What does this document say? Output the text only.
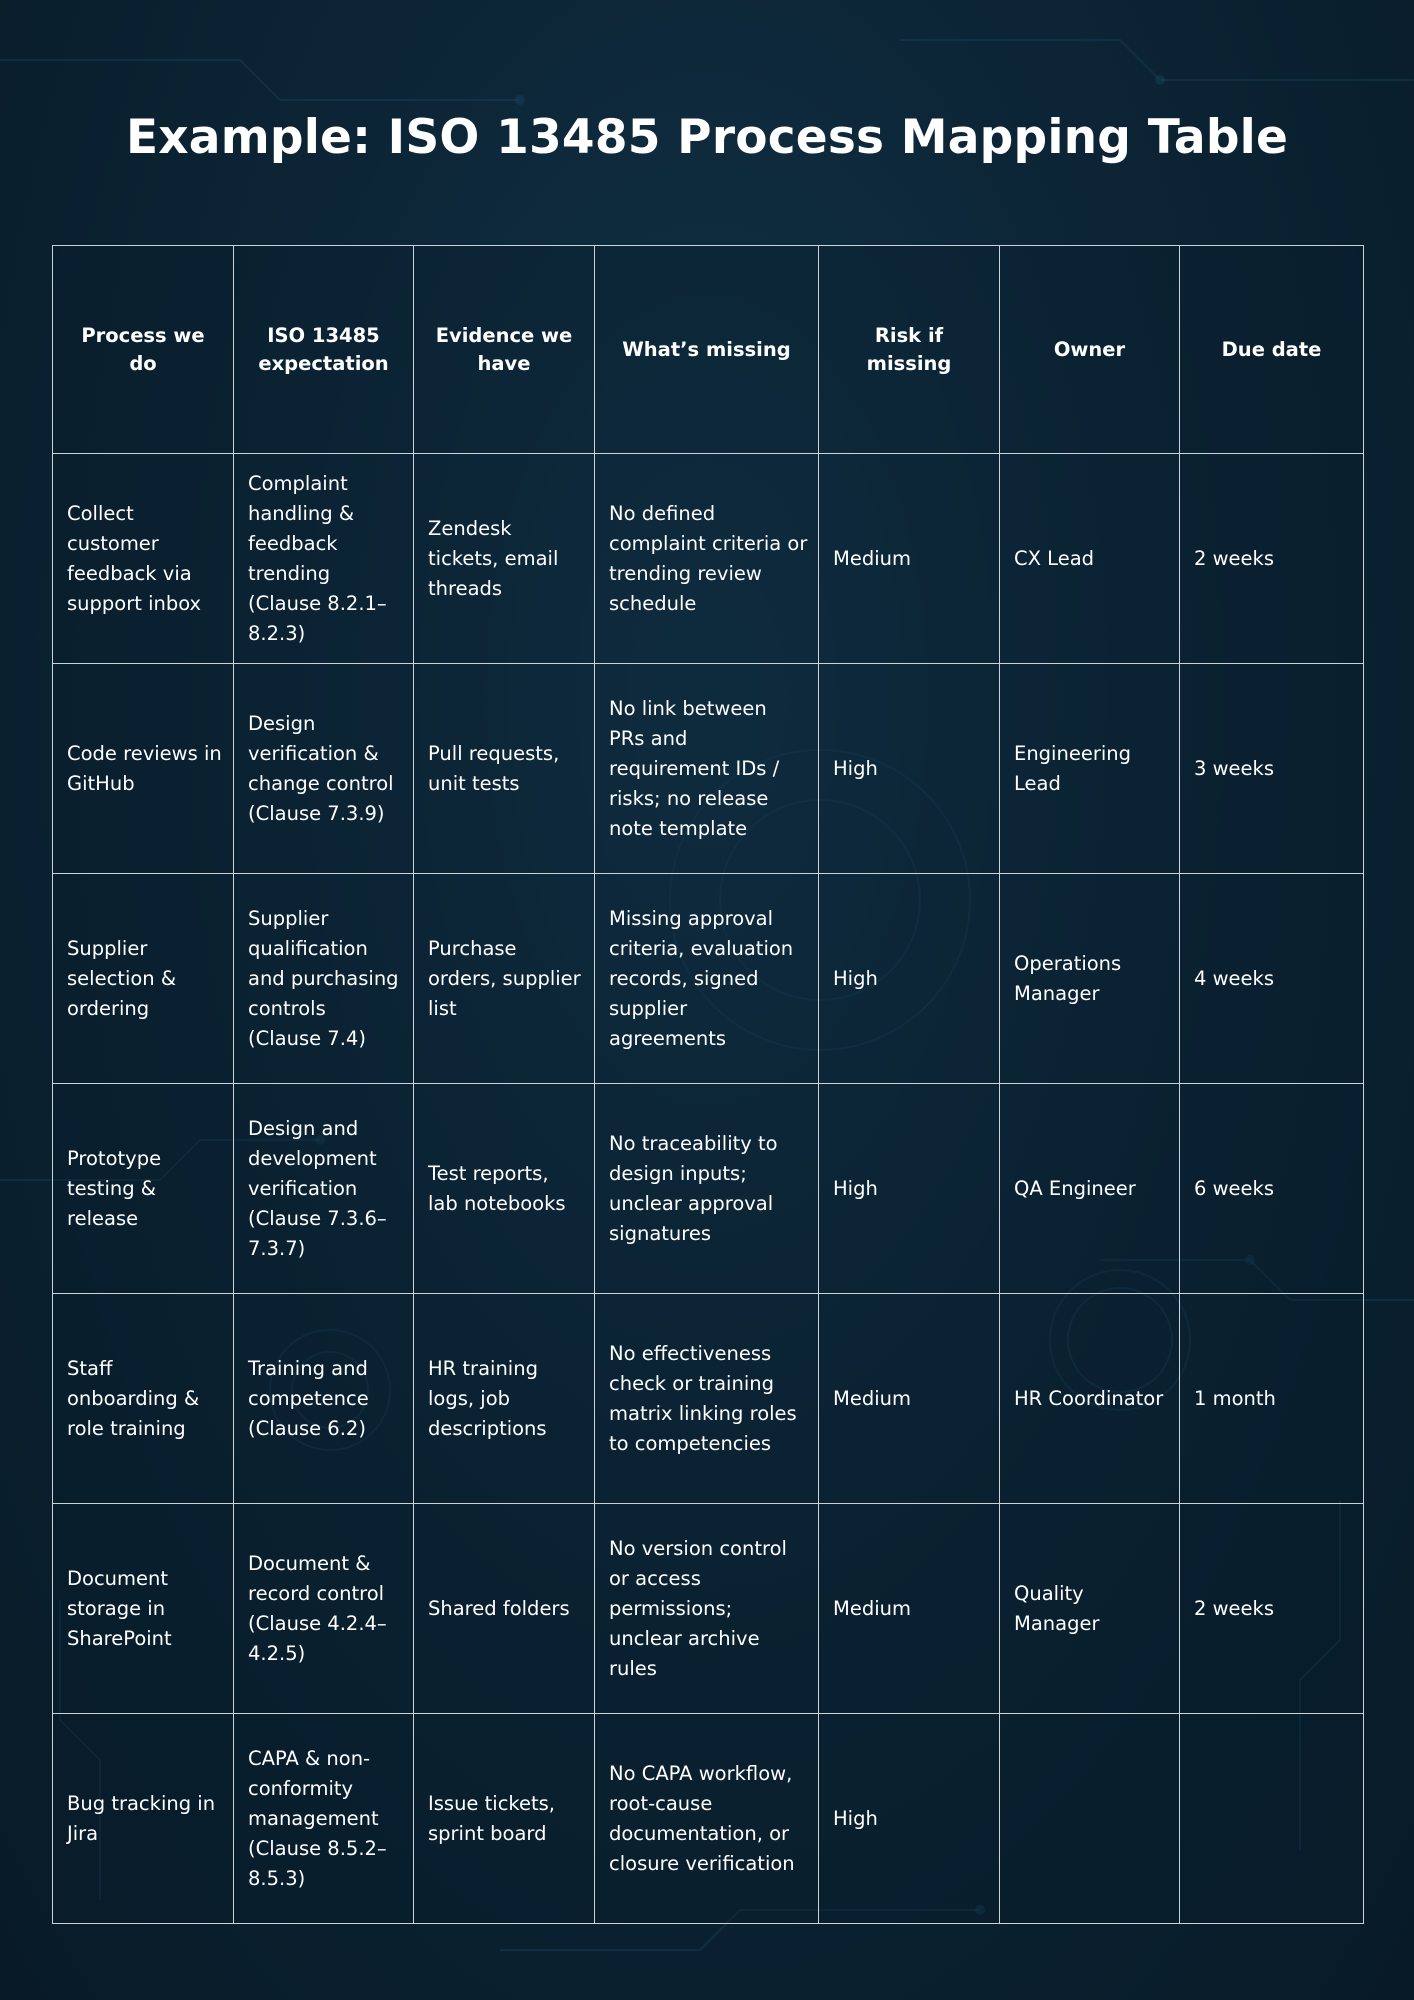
Example: ISO 13485 Process Mapping Table
Process we do	ISO 13485 expectation	Evidence we have	What’s missing	Risk if missing	Owner	Due date
Collect customer feedback via support inbox	Complaint handling & feedback trending (Clause 8.2.1–8.2.3)	Zendesk tickets, email threads	No defined complaint criteria or trending review schedule	Medium	CX Lead	2 weeks
Code reviews in GitHub	Design verification & change control (Clause 7.3.9)	Pull requests, unit tests	No link between PRs and requirement IDs / risks; no release note template	High	Engineering Lead	3 weeks
Supplier selection & ordering	Supplier qualification and purchasing controls (Clause 7.4)	Purchase orders, supplier list	Missing approval criteria, evaluation records, signed supplier agreements	High	Operations Manager	4 weeks
Prototype testing & release	Design and development verification (Clause 7.3.6–7.3.7)	Test reports, lab notebooks	No traceability to design inputs; unclear approval signatures	High	QA Engineer	6 weeks
Staff onboarding & role training	Training and competence (Clause 6.2)	HR training logs, job descriptions	No effectiveness check or training matrix linking roles to competencies	Medium	HR Coordinator	1 month
Document storage in SharePoint	Document & record control (Clause 4.2.4–4.2.5)	Shared folders	No version control or access permissions; unclear archive rules	Medium	Quality Manager	2 weeks
Bug tracking in Jira	CAPA & non-conformity management (Clause 8.5.2–8.5.3)	Issue tickets, sprint board	No CAPA workflow, root-cause documentation, or closure verification	High		
